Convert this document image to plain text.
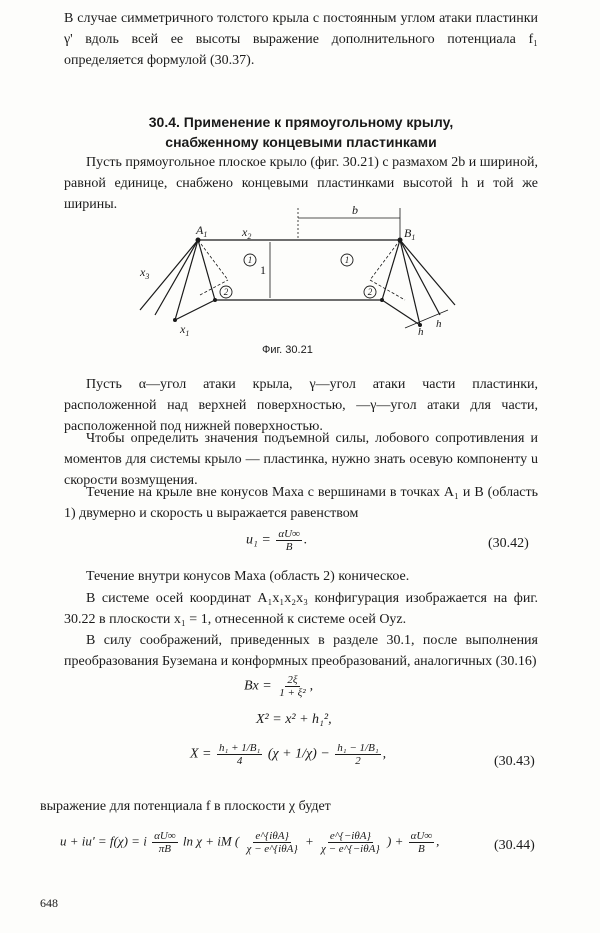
В случае симметричного толстого крыла с постоянным углом атаки пластинки γ' вдоль всей ее высоты выражение дополнительного потенциала f₁ определяется формулой (30.37).

30.4. Применение к прямоугольному крылу,
снабженному концевыми пластинками

Пусть прямоугольное плоское крыло (фиг. 30.21) с размахом 2b и шириной, равной единице, снабжено концевыми пластинками высотой h и той же ширины.	b
$A_1$	$B_1$
$x_2$
$x_3$
$x_1$
1
h
h
1	1
2	2
Фиг. 30.21

Пусть α—угол атаки крыла, γ—угол атаки части пластинки, расположенной над верхней поверхностью, —γ—угол атаки для части, расположенной под нижней поверхностью.

Чтобы определить значения подъемной силы, лобового сопротивления и моментов для системы крыло — пластинка, нужно знать осевую компоненту u скорости возмущения.

Течение на крыле вне конусов Маха с вершинами в точках A₁ и B (область 1) двумерно и скорость u выражается равенством

$u_1 = \frac{\alpha U\infty}{B}$ .	(30.42)

Течение внутри конусов Маха (область 2) коническое.

В системе осей координат A₁x₁x₂x₃ конфигурация изображается на фиг. 30.22 в плоскости x₁ = 1, отнесенной к системе осей Oyz.

В силу соображений, приведенных в разделе 30.1, после выполнения преобразования Буземана и конформных преобразований, аналогичных (30.16)

$Bx = \frac{2\xi}{\text{1 + ξ²}}$ ,
X² = x² + h₁²,
$X = \frac{\text{h₁ + 1/B₁}}{4} (\chi + 1/\chi) - \frac{\text{h₁ − 1/B₁}}{2}$ ,	(30.43)

выражение для потенциала f в плоскости χ будет

u + iu' = f(χ) = i $\frac{\alpha U\infty}{\pi B}$ ln χ + iM ( $\frac{\text{e\textasciicircum{}\{iθA\}}}{\text{χ − e\textasciicircum{}\{iθA\}}} + \frac{\text{e\textasciicircum{}\{−iθA\}}}{\text{χ − e\textasciicircum{}\{−iθA\}}}$ ) + $\frac{\alpha U\infty}{B}$ ,	(30.44)
648
